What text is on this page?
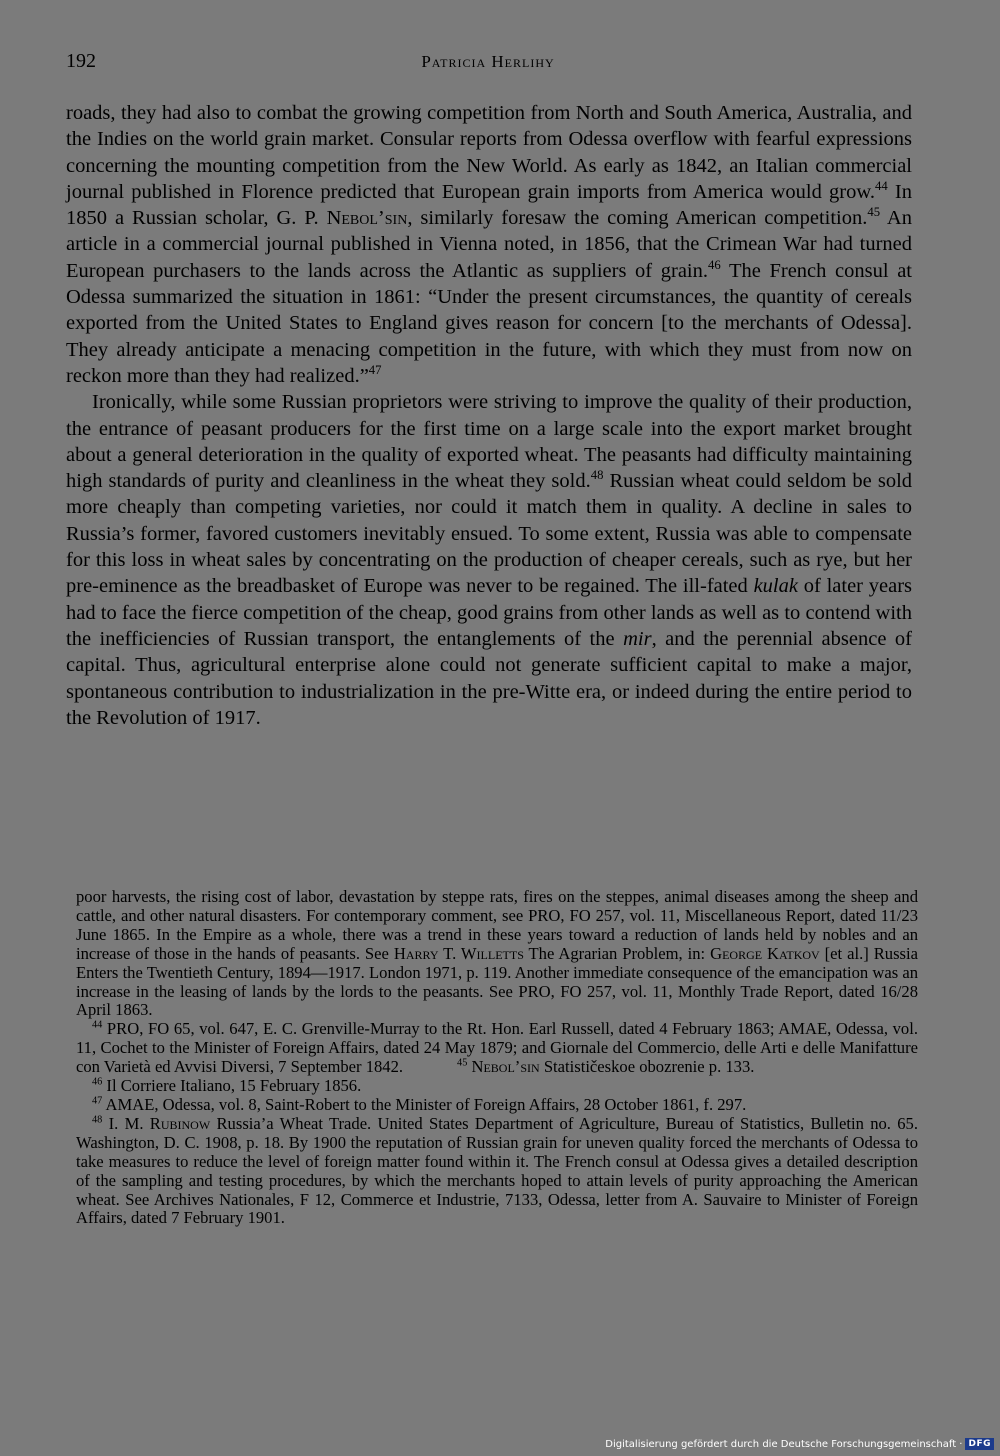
192	Patricia Herlihy

roads, they had also to combat the growing competition from North and South America, Australia, and the Indies on the world grain market. Consular reports from Odessa overflow with fearful expressions concerning the mounting competition from the New World. As early as 1842, an Italian commercial journal published in Florence predicted that European grain imports from America would grow.$^{44}$ In 1850 a Russian scholar, G. P. Nebol’sin, similarly foresaw the coming American competition.$^{45}$ An article in a commercial journal published in Vienna noted, in 1856, that the Crimean War had turned European purchasers to the lands across the Atlantic as suppliers of grain.$^{46}$ The French consul at Odessa summarized the situation in 1861: “Under the present circumstances, the quantity of cereals exported from the United States to England gives reason for concern [to the merchants of Odessa]. They already anticipate a menacing competition in the future, with which they must from now on reckon more than they had realized.”$^{47}$

Ironically, while some Russian proprietors were striving to improve the quality of their production, the entrance of peasant producers for the first time on a large scale into the export market brought about a general deterioration in the quality of exported wheat. The peasants had difficulty maintaining high standards of purity and cleanliness in the wheat they sold.$^{48}$ Russian wheat could seldom be sold more cheaply than competing varieties, nor could it match them in quality. A decline in sales to Russia’s former, favored customers inevitably ensued. To some extent, Russia was able to compensate for this loss in wheat sales by concentrating on the production of cheaper cereals, such as rye, but her pre-eminence as the breadbasket of Europe was never to be regained. The ill-fated kulak of later years had to face the fierce competition of the cheap, good grains from other lands as well as to contend with the inefficiencies of Russian transport, the entanglements of the mir, and the perennial absence of capital. Thus, agricultural enterprise alone could not generate sufficient capital to make a major, spontaneous contribution to industrialization in the pre-Witte era, or indeed during the entire period to the Revolution of 1917.

poor harvests, the rising cost of labor, devastation by steppe rats, fires on the steppes, animal diseases among the sheep and cattle, and other natural disasters. For contemporary comment, see PRO, FO 257, vol. 11, Miscellaneous Report, dated 11/23 June 1865. In the Empire as a whole, there was a trend in these years toward a reduction of lands held by nobles and an increase of those in the hands of peasants. See Harry T. Willetts The Agrarian Problem, in: George Katkov [et al.] Russia Enters the Twentieth Century, 1894—1917. London 1971, p. 119. Another immediate consequence of the emancipation was an increase in the leasing of lands by the lords to the peasants. See PRO, FO 257, vol. 11, Monthly Trade Report, dated 16/28 April 1863.

$^{44}$ PRO, FO 65, vol. 647, E. C. Grenville-Murray to the Rt. Hon. Earl Russell, dated 4 February 1863; AMAE, Odessa, vol. 11, Cochet to the Minister of Foreign Affairs, dated 24 May 1879; and Giornale del Commercio, delle Arti e delle Manifatture con Varietà ed Avvisi Diversi, 7 September 1842.	$^{45}$ Nebol’sin Statističeskoe obozrenie p. 133.

$^{46}$ Il Corriere Italiano, 15 February 1856.

$^{47}$ AMAE, Odessa, vol. 8, Saint-Robert to the Minister of Foreign Affairs, 28 October 1861, f. 297.

$^{48}$ I. M. Rubinow Russia’a Wheat Trade. United States Department of Agriculture, Bureau of Statistics, Bulletin no. 65. Washington, D. C. 1908, p. 18. By 1900 the reputation of Russian grain for uneven quality forced the merchants of Odessa to take measures to reduce the level of foreign matter found within it. The French consul at Odessa gives a detailed description of the sampling and testing procedures, by which the merchants hoped to attain levels of purity approaching the American wheat. See Archives Nationales, F 12, Commerce et Industrie, 7133, Odessa, letter from A. Sauvaire to Minister of Foreign Affairs, dated 7 February 1901.

Digitalisierung gefördert durch die Deutsche Forschungsgemeinschaft · DFG
